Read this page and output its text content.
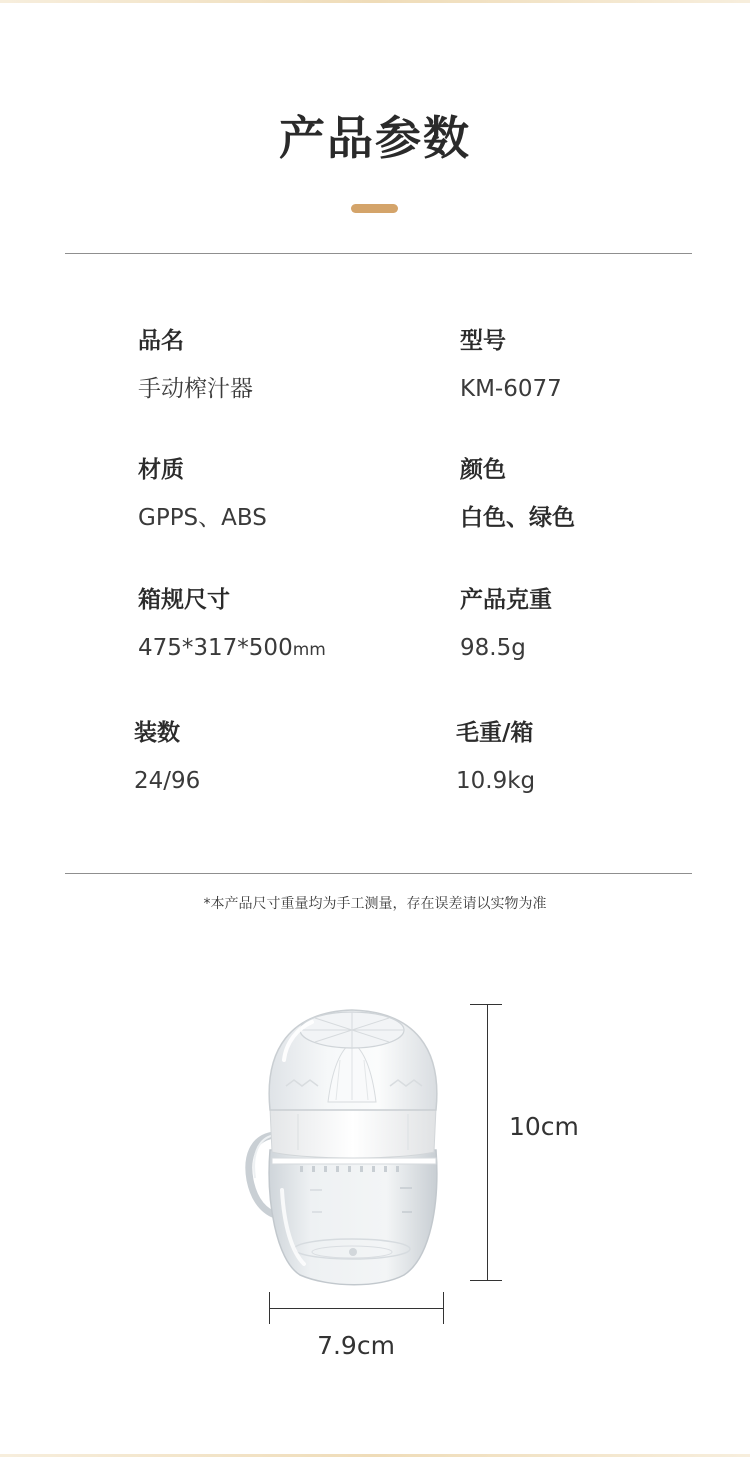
产品参数
品名
手动榨汁器
型号
KM-6077
材质
GPPS、ABS
颜色
白色、绿色
箱规尺寸
475*317*500mm
产品克重
98.5g
装数
24/96
毛重/箱
10.9kg
*本产品尺寸重量均为手工测量，存在误差请以实物为准
10cm
7.9cm
